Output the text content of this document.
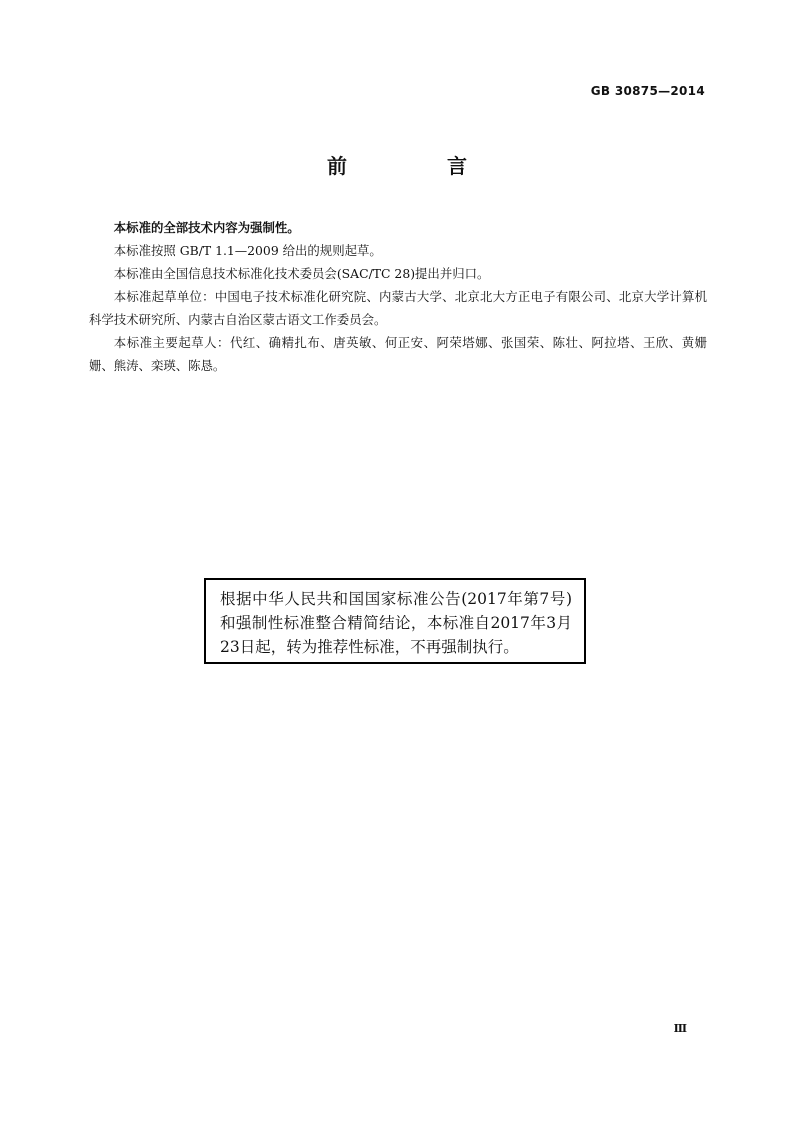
GB 30875—2014
前　言

本标准的全部技术内容为强制性。

本标准按照 GB/T 1.1—2009 给出的规则起草。

本标准由全国信息技术标准化技术委员会(SAC/TC 28)提出并归口。

本标准起草单位：中国电子技术标准化研究院、内蒙古大学、北京北大方正电子有限公司、北京大学计算机科学技术研究所、内蒙古自治区蒙古语文工作委员会。

本标准主要起草人：代红、确精扎布、唐英敏、何正安、阿荣塔娜、张国荣、陈壮、阿拉塔、王欣、黄姗姗、熊涛、栾瑛、陈恳。

根据中华人民共和国国家标准公告(2017年第7号)和强制性标准整合精简结论，本标准自2017年3月23日起，转为推荐性标准，不再强制执行。
Ⅲ
